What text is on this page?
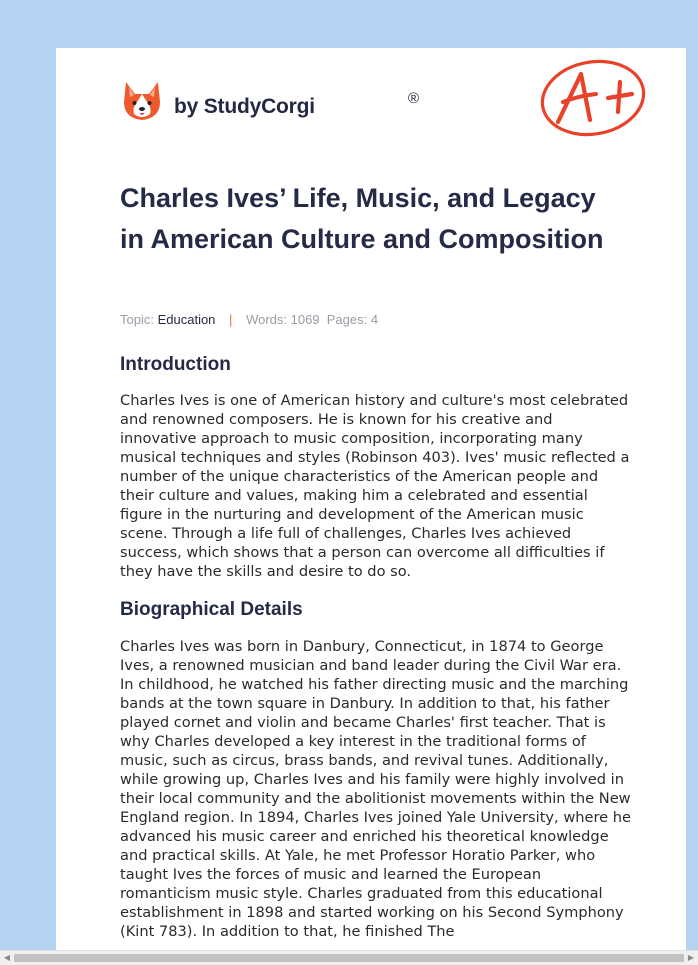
by StudyCorgi	®
Charles Ives’ Life, Music, and Legacy in American Culture and Composition
Topic: Education | Words: 1069 Pages: 4
Introduction

Charles Ives is one of American history and culture's most celebrated and renowned composers. He is known for his creative and innovative approach to music composition, incorporating many musical techniques and styles (Robinson 403). Ives' music reflected a number of the unique characteristics of the American people and their culture and values, making him a celebrated and essential figure in the nurturing and development of the American music scene. Through a life full of challenges, Charles Ives achieved success, which shows that a person can overcome all difficulties if they have the skills and desire to do so.

Biographical Details

Charles Ives was born in Danbury, Connecticut, in 1874 to George Ives, a renowned musician and band leader during the Civil War era. In childhood, he watched his father directing music and the marching bands at the town square in Danbury. In addition to that, his father played cornet and violin and became Charles' first teacher. That is why Charles developed a key interest in the traditional forms of music, such as circus, brass bands, and revival tunes. Additionally, while growing up, Charles Ives and his family were highly involved in their local community and the abolitionist movements within the New England region. In 1894, Charles Ives joined Yale University, where he advanced his music career and enriched his theoretical knowledge and practical skills. At Yale, he met Professor Horatio Parker, who taught Ives the forces of music and learned the European romanticism music style. Charles graduated from this educational establishment in 1898 and started working on his Second Symphony (Kint 783). In addition to that, he finished The

◀	▶
